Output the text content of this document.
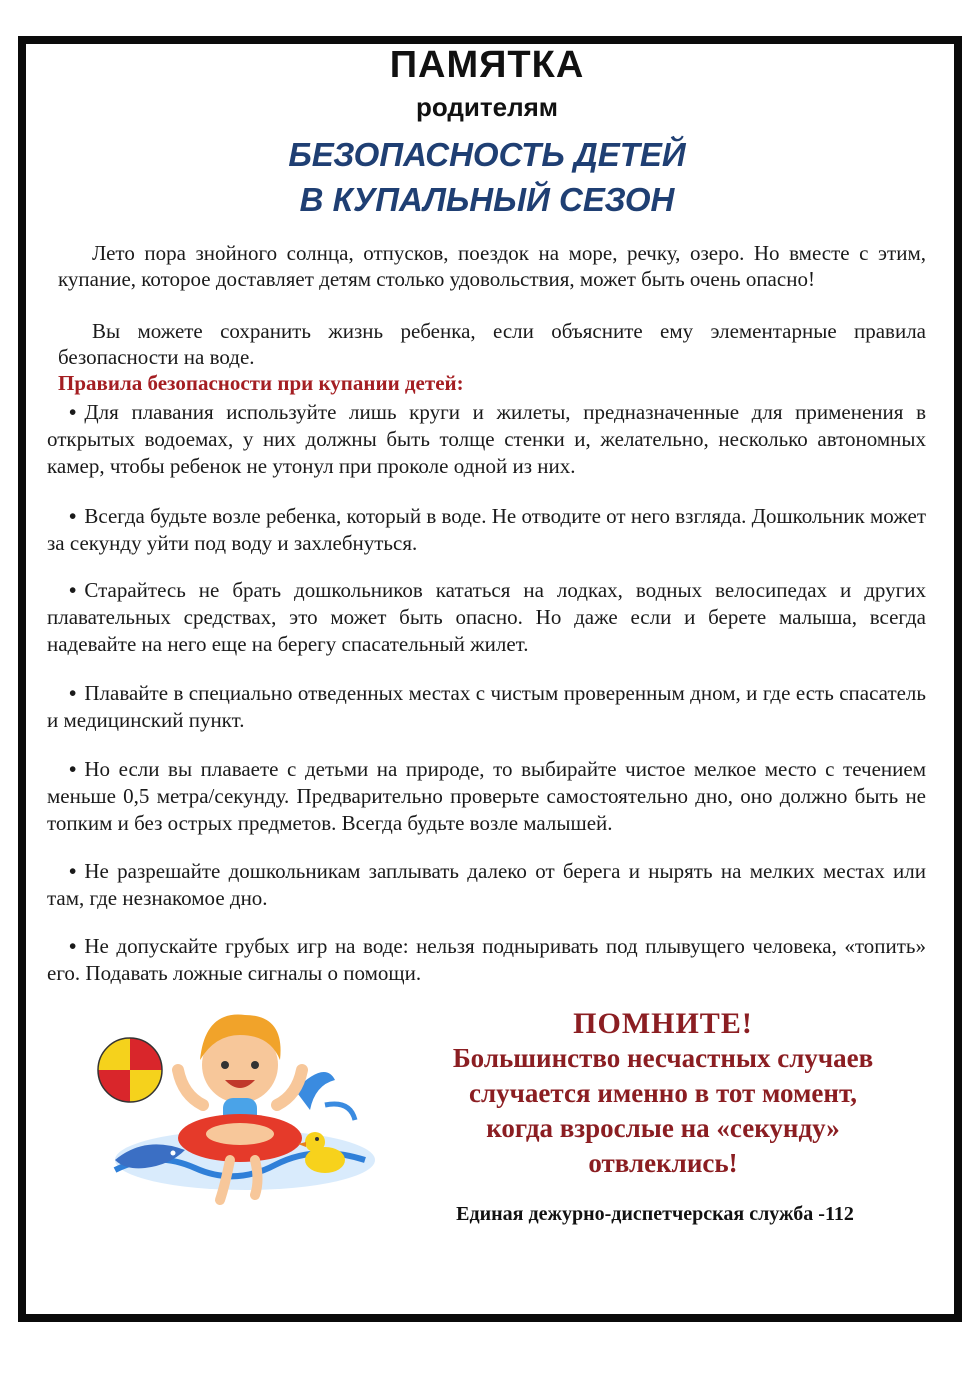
ПАМЯТКА
родителям
БЕЗОПАСНОСТЬ ДЕТЕЙ
В КУПАЛЬНЫЙ СЕЗОН

Лето пора знойного солнца, отпусков, поездок на море, речку, озеро. Но вместе с этим, купание, которое доставляет детям столько удовольствия, может быть очень опасно!

Вы можете сохранить жизнь ребенка, если объясните ему элементарные правила безопасности на воде.

Правила безопасности при купании детей:

• Для плавания используйте лишь круги и жилеты, предназначенные для применения в открытых водоемах, у них должны быть толще стенки и, желательно, несколько автономных камер, чтобы ребенок не утонул при проколе одной из них.

• Всегда будьте возле ребенка, который в воде. Не отводите от него взгляда. Дошкольник может за секунду уйти под воду и захлебнуться.

• Старайтесь не брать дошкольников кататься на лодках, водных велосипедах и других плавательных средствах, это может быть опасно. Но даже если и берете малыша, всегда надевайте на него еще на берегу спасательный жилет.

• Плавайте в специально отведенных местах с чистым проверенным дном, и где есть спасатель и медицинский пункт.

• Но если вы плаваете с детьми на природе, то выбирайте чистое мелкое место с течением меньше 0,5 метра/секунду. Предварительно проверьте самостоятельно дно, оно должно быть не топким и без острых предметов. Всегда будьте возле малышей.

• Не разрешайте дошкольникам заплывать далеко от берега и нырять на мелких местах или там, где незнакомое дно.

• Не допускайте грубых игр на воде: нельзя подныривать под плывущего человека, «топить» его. Подавать ложные сигналы о помощи.

ПОМНИТЕ!
Большинство несчастных случаев
случается именно в тот момент,
когда взрослые на «секунду»
отвлеклись!
Единая дежурно-диспетчерская служба -112
